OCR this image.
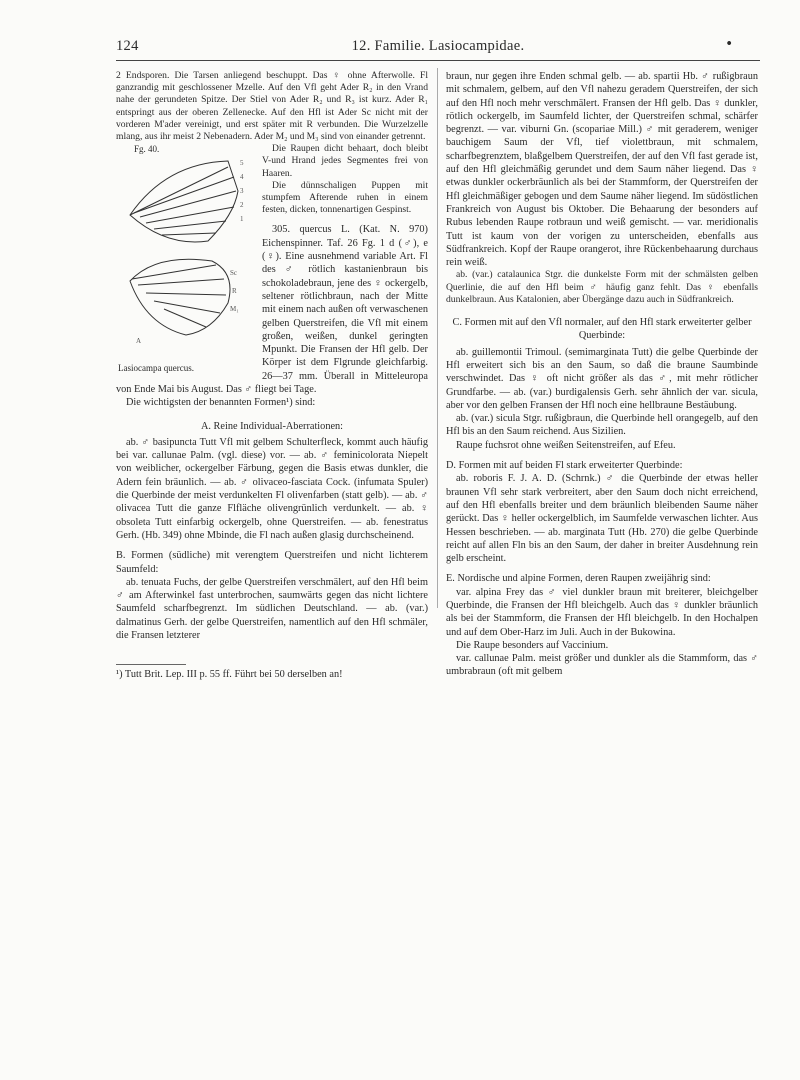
124	12. Familie. Lasiocampidae.	•

2 Endsporen. Die Tarsen anliegend beschuppt. Das ♀ ohne Afterwolle. Fl ganzrandig mit geschlossener Mzelle. Auf den Vfl geht Ader R₂ in den Vrand nahe der gerundeten Spitze. Der Stiel von Ader R₂ und R₃ ist kurz. Ader R₁ entspringt aus der oberen Zellenecke. Auf den Hfl ist Ader Sc nicht mit der vorderen M'ader vereinigt, und erst später mit R verbunden. Die Wurzelzelle mlang, aus ihr meist 2 Nebenadern. Ader M₂ und M₃ sind von einander getrennt.

Fg. 40.
5
4
3
2
1
Sc
R
M₁
A
Lasiocampa quercus.

Die Raupen dicht behaart, doch bleibt V-und Hrand jedes Segmentes frei von Haaren.

Die dünnschaligen Puppen mit stumpfem Afterende ruhen in einem festen, dicken, tonnenartigen Gespinst.

305. quercus L. (Kat. N. 970) Eichenspinner. Taf. 26 Fg. 1 d (♂), e (♀). Eine ausnehmend variable Art. Fl des ♂ rötlich kastanienbraun bis schokoladebraun, jene des ♀ ockergelb, seltener rötlichbraun, nach der Mitte mit einem nach außen oft verwaschenen gelben Querstreifen, die Vfl mit einem großen, weißen, dunkel geringten Mpunkt. Die Fransen der Hfl gelb. Der Körper ist dem Flgrunde gleichfarbig. 26—37 mm. Überall in Mitteleuropa von Ende Mai bis August. Das ♂ fliegt bei Tage.

Die wichtigsten der benannten Formen¹) sind:

A. Reine Individual-Aberrationen:

ab. ♂ basipuncta Tutt Vfl mit gelbem Schulterfleck, kommt auch häufig bei var. callunae Palm. (vgl. diese) vor. — ab. ♂ feminicolorata Niepelt von weiblicher, ockergelber Färbung, gegen die Basis etwas dunkler, die Adern fein bräunlich. — ab. ♂ olivaceo-fasciata Cock. (infumata Spuler) die Querbinde der meist verdunkelten Fl olivenfarben (statt gelb). — ab. ♂ olivacea Tutt die ganze Flfläche olivengrünlich verdunkelt. — ab. ♀ obsoleta Tutt einfarbig ockergelb, ohne Querstreifen. — ab. fenestratus Gerh. (Hb. 349) ohne Mbinde, die Fl nach außen glasig durchscheinend.

B. Formen (südliche) mit verengtem Querstreifen und nicht lichterem Saumfeld:

ab. tenuata Fuchs, der gelbe Querstreifen verschmälert, auf den Hfl beim ♂ am Afterwinkel fast unterbrochen, saumwärts gegen das nicht lichtere Saumfeld scharfbegrenzt. Im südlichen Deutschland. — ab. (var.) dalmatinus Gerh. der gelbe Querstreifen, namentlich auf den Hfl schmäler, die Fransen letzterer

¹) Tutt Brit. Lep. III p. 55 ff. Führt bei 50 derselben an!

braun, nur gegen ihre Enden schmal gelb. — ab. spartii Hb. ♂ rußigbraun mit schmalem, gelbem, auf den Vfl nahezu geradem Querstreifen, der sich auf den Hfl noch mehr verschmälert. Fransen der Hfl gelb. Das ♀ dunkler, rötlich ockergelb, im Saumfeld lichter, der Querstreifen schmal, schärfer begrenzt. — var. viburni Gn. (scopariae Mill.) ♂ mit geraderem, weniger bauchigem Saum der Vfl, tief violettbraun, mit schmalem, scharfbegrenztem, blaßgelbem Querstreifen, der auf den Vfl fast gerade ist, auf den Hfl gleichmäßig gerundet und dem Saum näher liegend. Das ♀ etwas dunkler ockerbräunlich als bei der Stammform, der Querstreifen der Hfl gleichmäßiger gebogen und dem Saume näher liegend. Im südöstlichen Frankreich von August bis Oktober. Die Behaarung der besonders auf Rubus lebenden Raupe rotbraun und weiß gemischt. — var. meridionalis Tutt ist kaum von der vorigen zu unterscheiden, ebenfalls aus Südfrankreich. Kopf der Raupe orangerot, ihre Rückenbehaarung durchaus rein weiß.

ab. (var.) catalaunica Stgr. die dunkelste Form mit der schmälsten gelben Querlinie, die auf den Hfl beim ♂ häufig ganz fehlt. Das ♀ ebenfalls dunkelbraun. Aus Katalonien, aber Übergänge dazu auch in Südfrankreich.

C. Formen mit auf den Vfl normaler, auf den Hfl stark erweiterter gelber Querbinde:

ab. guillemontii Trimoul. (semimarginata Tutt) die gelbe Querbinde der Hfl erweitert sich bis an den Saum, so daß die braune Saumbinde verschwindet. Das ♀ oft nicht größer als das ♂, mit mehr rötlicher Grundfarbe. — ab. (var.) burdigalensis Gerh. sehr ähnlich der var. sicula, aber vor den gelben Fransen der Hfl noch eine hellbraune Bestäubung.

ab. (var.) sicula Stgr. rußigbraun, die Querbinde hell orangegelb, auf den Hfl bis an den Saum reichend. Aus Sizilien.

Raupe fuchsrot ohne weißen Seitenstreifen, auf Efeu.

D. Formen mit auf beiden Fl stark erweiterter Querbinde:

ab. roboris F. J. A. D. (Schrnk.) ♂ die Querbinde der etwas heller braunen Vfl sehr stark verbreitert, aber den Saum doch nicht erreichend, auf den Hfl ebenfalls breiter und dem bräunlich bleibenden Saume näher gerückt. Das ♀ heller ockergelblich, im Saumfelde verwaschen lichter. Aus Hessen beschrieben. — ab. marginata Tutt (Hb. 270) die gelbe Querbinde reicht auf allen Fln bis an den Saum, der daher in breiter Ausdehnung rein gelb erscheint.

E. Nordische und alpine Formen, deren Raupen zweijährig sind:

var. alpina Frey das ♂ viel dunkler braun mit breiterer, bleichgelber Querbinde, die Fransen der Hfl bleichgelb. Auch das ♀ dunkler bräunlich als bei der Stammform, die Fransen der Hfl bleichgelb. In den Hochalpen und auf dem Ober-Harz im Juli. Auch in der Bukowina.

Die Raupe besonders auf Vaccinium.

var. callunae Palm. meist größer und dunkler als die Stammform, das ♂ umbrabraun (oft mit gelbem
